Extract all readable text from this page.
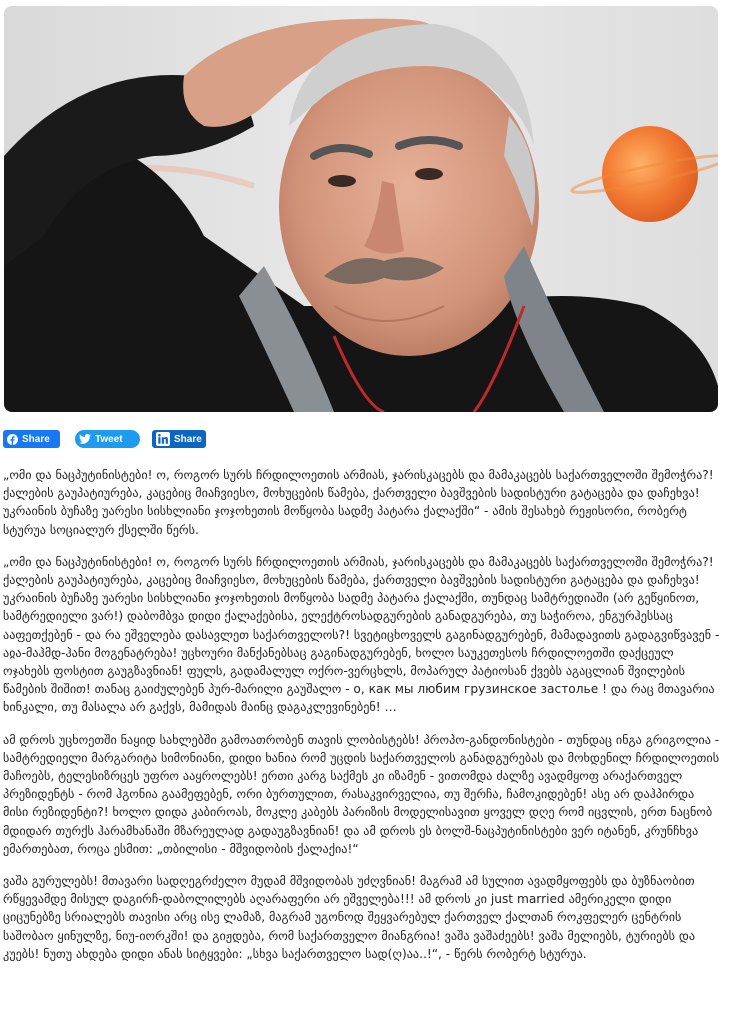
Share	Tweet	Share

„ომი და ნაცპუტინისტები! ო, როგორ სურს ჩრდილოეთის არმიას, ჯარისკაცებს და მამაკაცებს საქართველოში შემოჭრა?! ქალების გაუპატიურება, კაცებიც მიაჩვიესო, მოხუცების წამება, ქართველი ბავშვების სადისტური გატაცება და დაჩეხვა! უკრაინის ბუჩაზე უარესი სისხლიანი ჯოჯოხეთის მოწყობა სადმე პატარა ქალაქში“ - ამის შესახებ რეჟისორი, რობერტ სტურუა სოციალურ ქსელში წერს.

„ომი და ნაცპუტინისტები! ო, როგორ სურს ჩრდილოეთის არმიას, ჯარისკაცებს და მამაკაცებს საქართველოში შემოჭრა?! ქალების გაუპატიურება, კაცებიც მიაჩვიესო, მოხუცების წამება, ქართველი ბავშვების სადისტური გატაცება და დაჩეხვა! უკრაინის ბუჩაზე უარესი სისხლიანი ჯოჯოხეთის მოწყობა სადმე პატარა ქალაქში, თუნდაც სამტრედიაში (არ გეწყინოთ, სამტრედიელი ვარ!) დაბომბვა დიდი ქალაქებისა, ელექტროსადგურების განადგურება, თუ საჭიროა, ენგურჰესსაც ააფეთქებენ - და რა ეშველება დასავლეთ საქართველოს?! სვეტიცხოველს გაგინადგურებენ, მამადავითს გადაგვიწვავენ - აჲა-მაჰმდ-ჰანი მოგენატრება! უცხოური მანქანებსაც გაგინადგურებენ, ხოლო საუკეთესოს ჩრდილოეთში დაქცეულ ოჯახებს ფოსტით გაუგზავნიან! ფულს, გადამალულ ოქრო-ვერცხლს, მოპარულ პატიოსან ქვებს აგაცლიან შვილების წამების შიშით! თანაც გაიძულებენ პურ-მარილი გაუშალო - о, как мы любим грузинское застолье ! და რაც მთავარია ხინკალი, თუ მასალა არ გაქვს, მამიდას მაინც დაგაკლევინებენ! …

ამ დროს უცხოეთში ნაყიდ სახლებში გამოათრობენ თავის ლობისტებს! პროპო-განდონისტები - თუნდაც ინგა გრიგოლია - სამტრედიელი მარგარიტა სიმონიანი, დიდი ხანია რომ უცდის საქართველოს განადგურებას და მოხდენილ ჩრდილოეთის მაჩოებს, ტელესიზრცეს უფრო ააყროლებს! ერთი კარგ საქმეს კი იზამენ - ვითომდა ძალზე ავადმყოფ არაქართველ პრეზიდენტს - რომ ჰგონია გაამეფებენ, ორი ბურთულით, რასაკვირველია, თუ შერჩა, ჩამოკიდებენ! ასე არ დაჰპირდა მისი რეზიდენტი?! ხოლო დიდა კაბიროას, მოკლე კაბებს პარიზის მოდელისავით ყოველ დღე რომ იცვლის, ერთ ნაცნობ მდიდარ თურქს ჰარამხანაში მზარეულად გადაუგზავნიან! და ამ დროს ეს ბოლშ-ნაცპუტინისტები ვერ იტანენ, კრუნჩხვა ემართებათ, როცა ესმით: „თბილისი - მშვიდობის ქალაქია!“

ვაშა გურულებს! მთავარი სადღეგრძელო მუდამ მშვიდობას უძღვნიან! მაგრამ ამ სულით ავადმყოფებს და ბუზნაობით რწყევამდე მისულ დაგირჩ-დაბოლილებს აღარაფერი არ ეშველება!!! ამ დროს კი just married ამერიკელი დიდი ციცუნებზე სრიალებს თავისი არც ისე ლამაზ, მაგრამ უგონოდ შეყვარებულ ქართველ ქალთან როკფელერ ცენტრის საშობაო ყინულზე, ნიუ-იორკში! და გიჟდება, რომ საქართველო მიანგრია! ვაშა ვაშაძეებს! ვაშა მელიებს, ტურიებს და კუებს! ნუთუ ახდება დიდი ანას სიტყვები: „სხვა საქართველო სად(ღ)აა..!“, - წერს რობერტ სტურუა.
